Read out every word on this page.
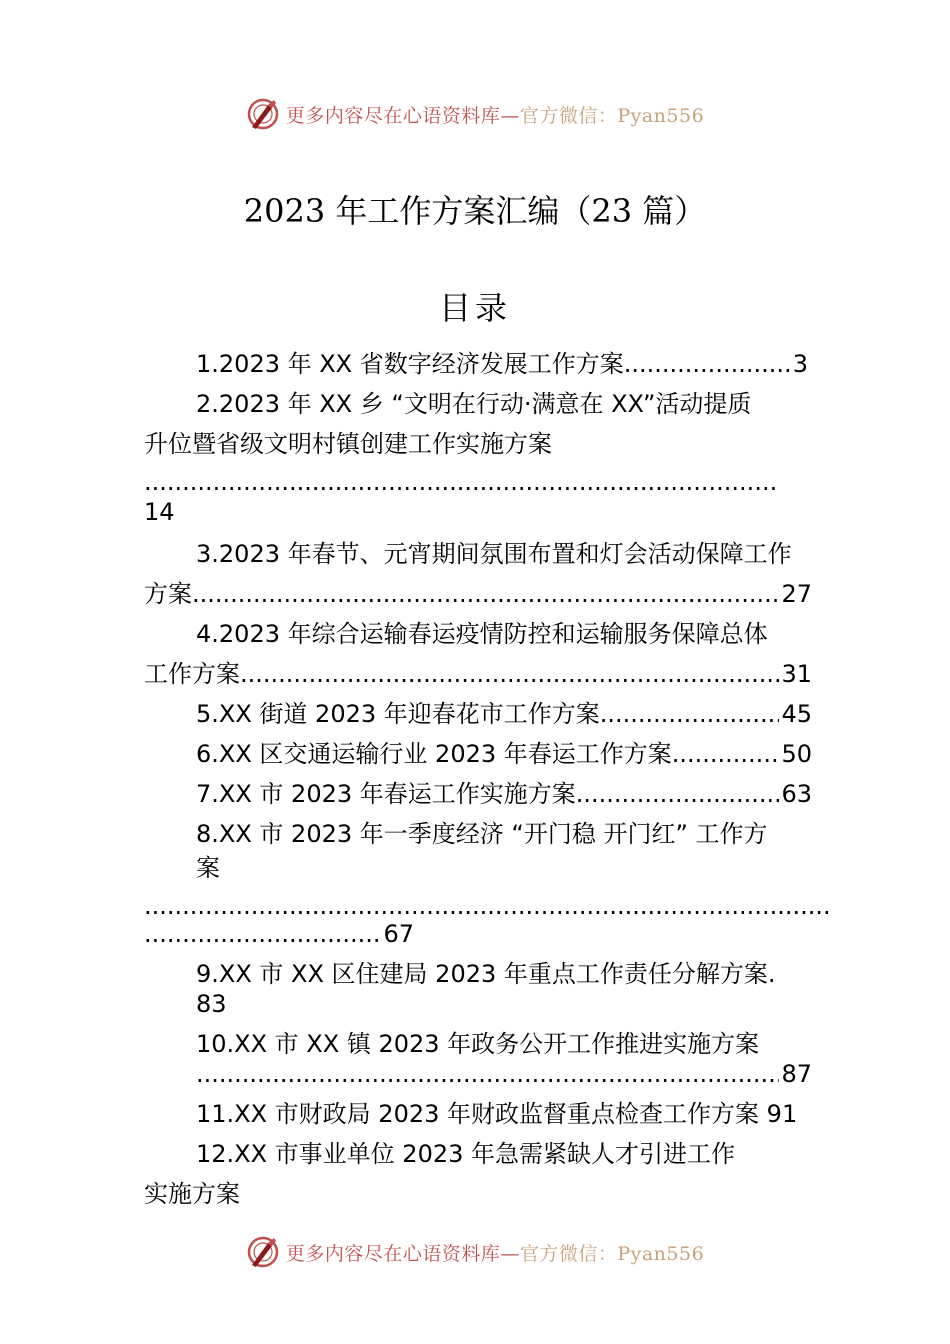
更多内容尽在心语资料库—官方微信：Pyan556
2023 年工作方案汇编（23 篇）
目录
1. 2023 年 XX 省数字经济发展工作方案 .....	3
2.2023 年 XX 乡 “文明在行动·满意在 XX”活动提质
升位暨省级文明村镇创建工作实施方案
.....
14
3.2023 年春节、元宵期间氛围布置和灯会活动保障工作
方案 .....	27
4.2023 年综合运输春运疫情防控和运输服务保障总体
工作方案 .....	31
5. XX 街道 2023 年迎春花市工作方案 .....	45
6. XX 区交通运输行业 2023 年春运工作方案 .....	50
7. XX 市 2023 年春运工作实施方案 .....	63
8.XX 市 2023 年一季度经济 “开门稳 开门红” 工作方
案
.....
.....
67
9.XX 市 XX 区住建局 2023 年重点工作责任分解方案.
83
10.XX 市 XX 镇 2023 年政务公开工作推进实施方案
.....
87
11.XX 市财政局 2023 年财政监督重点检查工作方案 91
12.XX 市事业单位 2023 年急需紧缺人才引进工作
实施方案
更多内容尽在心语资料库—官方微信：Pyan556
